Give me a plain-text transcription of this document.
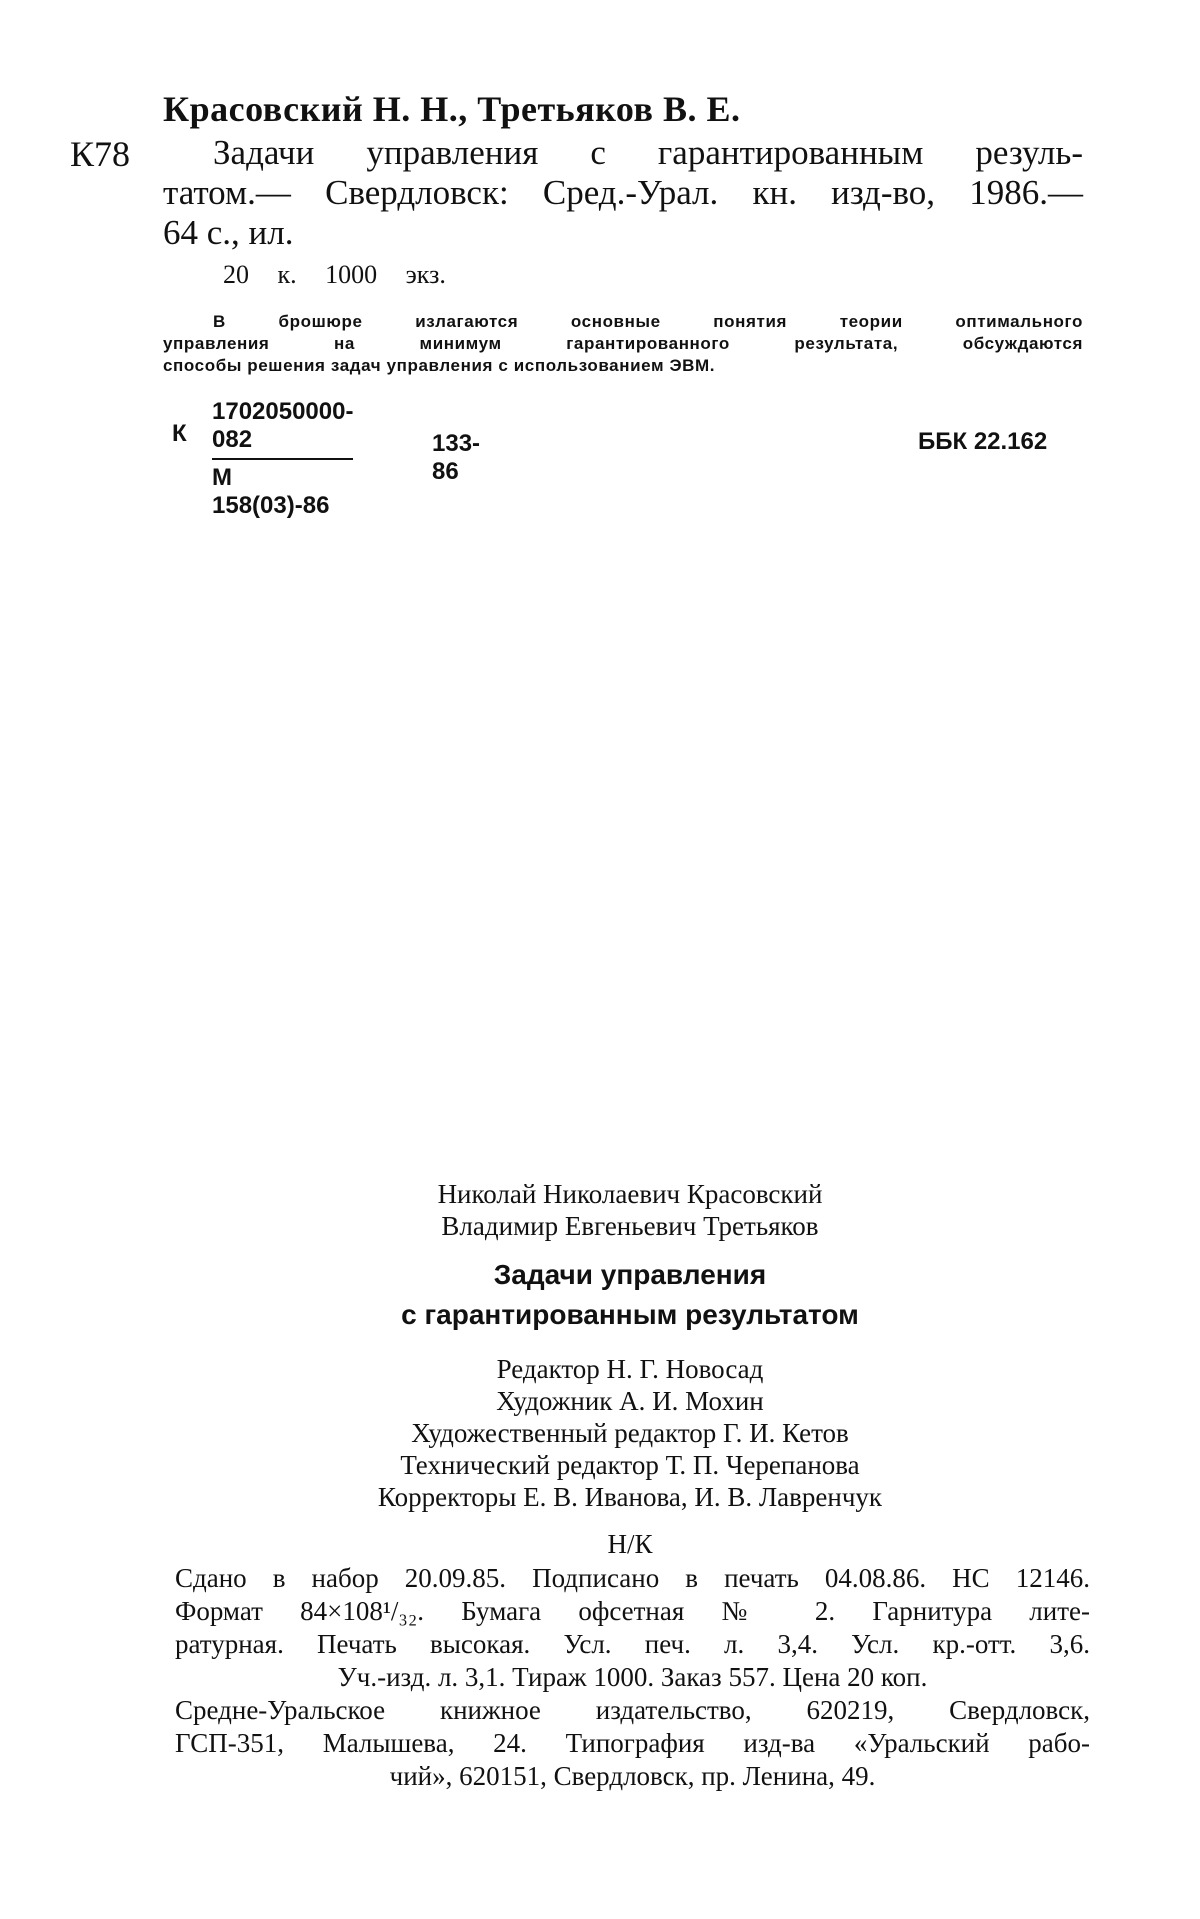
Красовский Н. Н., Третьяков В. Е.
К78 Задачи управления с гарантированным резуль-
татом.— Свердловск: Сред.-Урал. кн. изд-во, 1986.—
64 с., ил.
20 к. 1000 экз.
В брошюре излагаются основные понятия теории оптимального
управления на минимум гарантированного результата, обсуждаются
способы решения задач управления с использованием ЭВМ.
К
1702050000-082
М 158(03)-86
133-86
ББК 22.162
Николай Николаевич Красовский
Владимир Евгеньевич Третьяков
Задачи управления
с гарантированным результатом
Редактор Н. Г. Новосад
Художник А. И. Мохин
Художественный редактор Г. И. Кетов
Технический редактор Т. П. Черепанова
Корректоры Е. В. Иванова, И. В. Лавренчук
Н/К
Сдано в набор 20.09.85. Подписано в печать 04.08.86. НС 12146.
Формат 84×108¹/₃₂. Бумага офсетная № 2. Гарнитура лите-
ратурная. Печать высокая. Усл. печ. л. 3,4. Усл. кр.-отт. 3,6.
Уч.-изд. л. 3,1. Тираж 1000. Заказ 557. Цена 20 коп.
Средне-Уральское книжное издательство, 620219, Свердловск,
ГСП-351, Малышева, 24. Типография изд-ва «Уральский рабо-
чий», 620151, Свердловск, пр. Ленина, 49.
